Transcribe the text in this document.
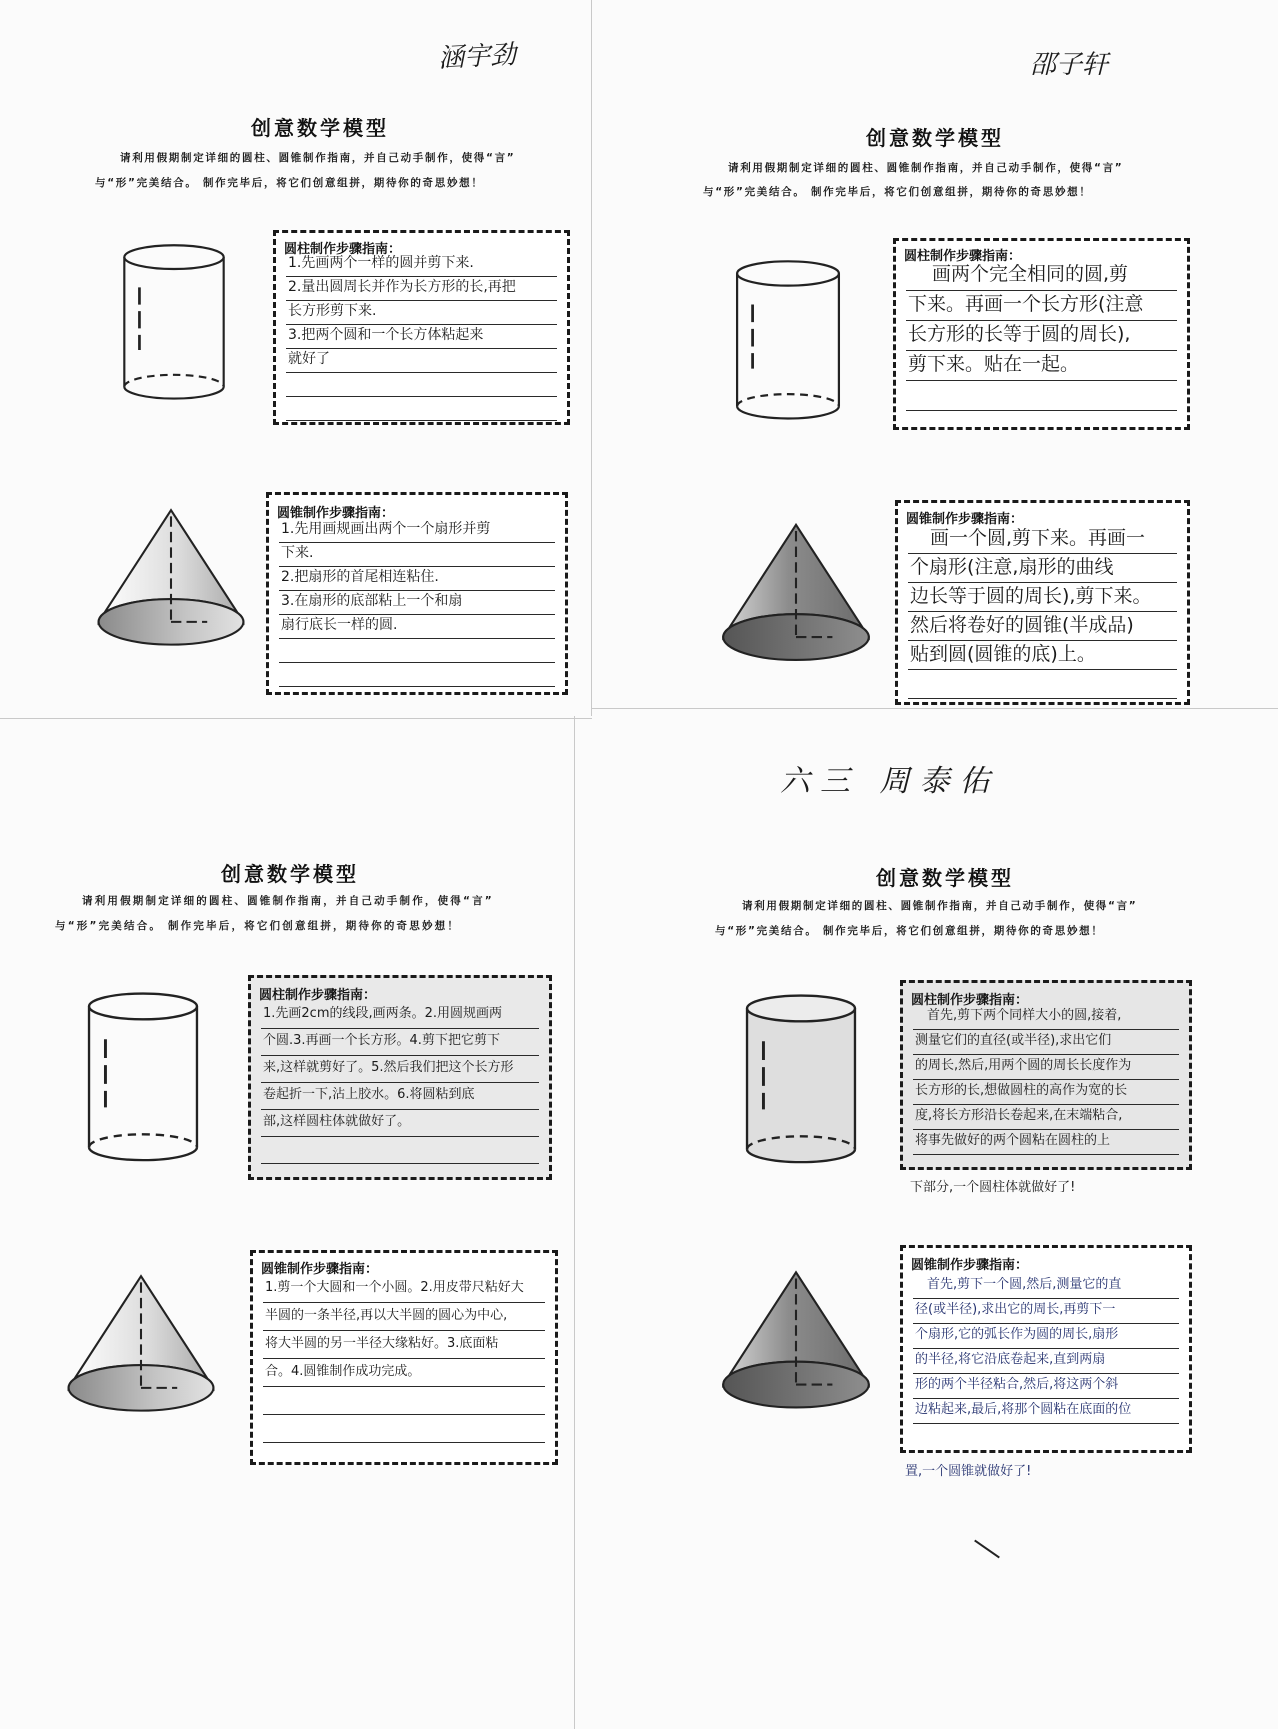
涵宇劲
创意数学模型
请利用假期制定详细的圆柱、圆锥制作指南，并自己动手制作，使得“言”
与“形”完美结合。 制作完毕后，将它们创意组拼，期待你的奇思妙想！
圆柱制作步骤指南：
1.先画两个一样的圆并剪下来.
2.量出圆周长并作为长方形的长,再把
长方形剪下来.
3.把两个圆和一个长方体粘起来
就好了
圆锥制作步骤指南：
1.先用画规画出两个一个扇形并剪
下来.
2.把扇形的首尾相连粘住.
3.在扇形的底部粘上一个和扇
扇行底长一样的圆.
邵子轩
创意数学模型
请利用假期制定详细的圆柱、圆锥制作指南，并自己动手制作，使得“言”
与“形”完美结合。 制作完毕后，将它们创意组拼，期待你的奇思妙想！
圆柱制作步骤指南：
画两个完全相同的圆,剪
下来。再画一个长方形(注意
长方形的长等于圆的周长),
剪下来。贴在一起。
圆锥制作步骤指南：
画一个圆,剪下来。再画一
个扇形(注意,扇形的曲线
边长等于圆的周长),剪下来。
然后将卷好的圆锥(半成品)
贴到圆(圆锥的底)上。
创意数学模型
请利用假期制定详细的圆柱、圆锥制作指南，并自己动手制作，使得“言”
与“形”完美结合。 制作完毕后，将它们创意组拼，期待你的奇思妙想！
圆柱制作步骤指南：
1.先画2cm的线段,画两条。2.用圆规画两
个圆.3.再画一个长方形。4.剪下把它剪下
来,这样就剪好了。5.然后我们把这个长方形
卷起折一下,沾上胶水。6.将圆粘到底
部,这样圆柱体就做好了。
圆锥制作步骤指南：
1.剪一个大圆和一个小圆。2.用皮带尺粘好大
半圆的一条半径,再以大半圆的圆心为中心,
将大半圆的另一半径大缘粘好。3.底面粘
合。4.圆锥制作成功完成。
六三 周泰佑
创意数学模型
请利用假期制定详细的圆柱、圆锥制作指南，并自己动手制作，使得“言”
与“形”完美结合。 制作完毕后，将它们创意组拼，期待你的奇思妙想！
圆柱制作步骤指南：
首先,剪下两个同样大小的圆,接着,
测量它们的直径(或半径),求出它们
的周长,然后,用两个圆的周长长度作为
长方形的长,想做圆柱的高作为宽的长
度,将长方形沿长卷起来,在末端粘合,
将事先做好的两个圆粘在圆柱的上
下部分,一个圆柱体就做好了!
圆锥制作步骤指南：
首先,剪下一个圆,然后,测量它的直
径(或半径),求出它的周长,再剪下一
个扇形,它的弧长作为圆的周长,扇形
的半径,将它沿底卷起来,直到两扇
形的两个半径粘合,然后,将这两个斜
边粘起来,最后,将那个圆粘在底面的位
置,一个圆锥就做好了!
